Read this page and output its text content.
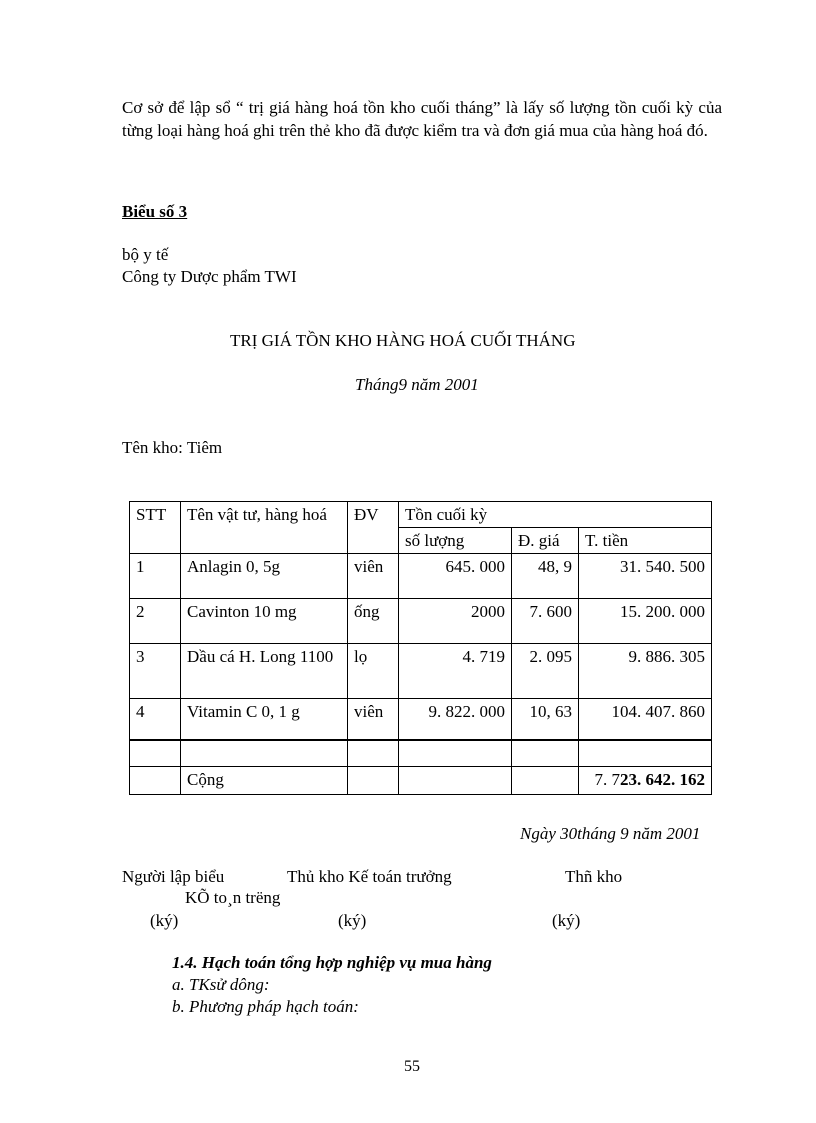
Cơ sở để lập sổ “ trị giá hàng hoá tồn kho cuối tháng” là lấy số lượng tồn cuối kỳ của từng loại hàng hoá ghi trên thẻ kho đã được kiểm tra và đơn giá mua của hàng hoá đó.
Biểu số 3
bộ y tế
Công ty Dược phẩm TWI
TRỊ GIÁ TỒN KHO HÀNG HOÁ CUỐI THÁNG
Tháng9 năm 2001
Tên kho: Tiêm
STT	Tên vật tư, hàng hoá	ĐV	Tồn cuối kỳ		
			số lượng	Đ. giá	T. tiền
1	Anlagin 0, 5g	viên	645. 000	48, 9	31. 540. 500
2	Cavinton 10 mg	ống	2000	7. 600	15. 200. 000
3	Dầu cá H. Long 1100	lọ	4. 719	2. 095	9. 886. 305
4	Vitamin C 0, 1 g	viên	9. 822. 000	10, 63	104. 407. 860

	Cộng				7. 723. 642. 162
Ngày 30tháng 9 năm 2001
Người lập biểu	Thủ kho Kế toán trưởng	Thñ kho
KÕ to¸n trëng
(ký)	(ký)	(ký)
1.4. Hạch toán tổng hợp nghiệp vụ mua hàng
a. TKsử dông:
b. Phương pháp hạch toán:
55
